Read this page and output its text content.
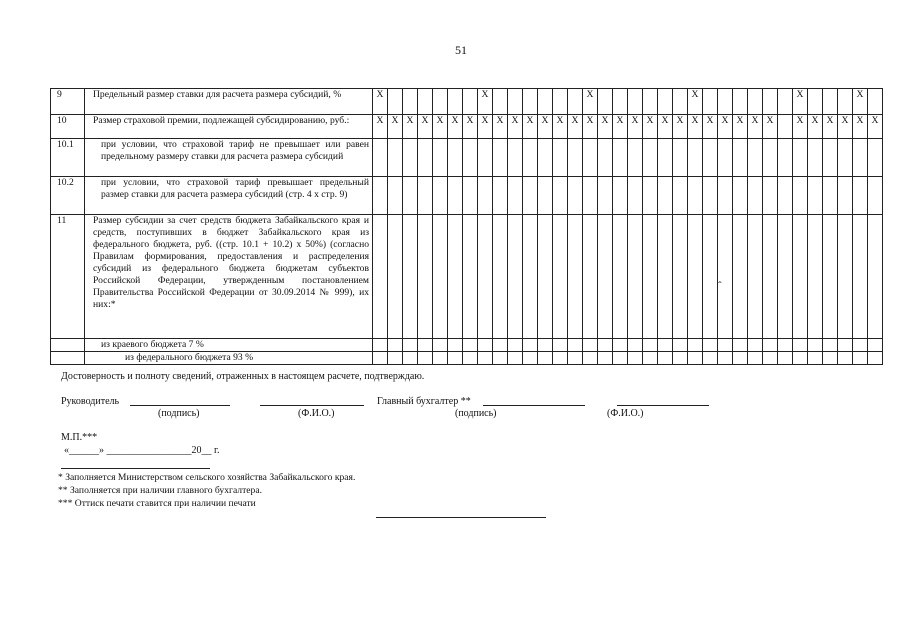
51
9	Предельный размер ставки для расчета размера субсидий, %	Х							Х							Х							Х							Х				Х	
10	Размер страховой премии, подлежащей субсидированию, руб.:	Х	Х	Х	Х	Х	Х	Х	Х	Х	Х	Х	Х	Х	Х	Х	Х	Х	Х	Х	Х	Х	Х	Х	Х	Х	Х	Х		Х	Х	Х	Х	Х	Х
10.1	при условии, что страховой тариф не превышает или равен предельному размеру ставки для расчета размера субсидий																																		
10.2	при условии, что страховой тариф превышает предельный размер ставки для расчета размера субсидий (стр. 4 х стр. 9)																																		
11	Размер субсидии за счет средств бюджета Забайкальского края и средств, поступивших в бюджет Забайкальского края из федерального бюджета, руб. ((стр. 10.1 + 10.2) х 50%) (согласно Правилам формирования, предоставления и распределения субсидий из федерального бюджета бюджетам субъектов Российской Федерации, утвержденным постановлением Правительства Российской Федерации от 30.09.2014 № 999), их них:*																																		
	из краевого бюджета 7 %																																		
	из федерального бюджета 93 %																																		
ˆ
Достоверность и полноту сведений, отраженных в настоящем расчете, подтверждаю.
Руководитель
(подпись)	(Ф.И.О.)
Главный бухгалтер **
(подпись)	(Ф.И.О.)
М.П.***
«______» _________________20__ г.
* Заполняется Министерством сельского хозяйства Забайкальского края.
** Заполняется при наличии главного бухгалтера.
*** Оттиск печати ставится при наличии печати
